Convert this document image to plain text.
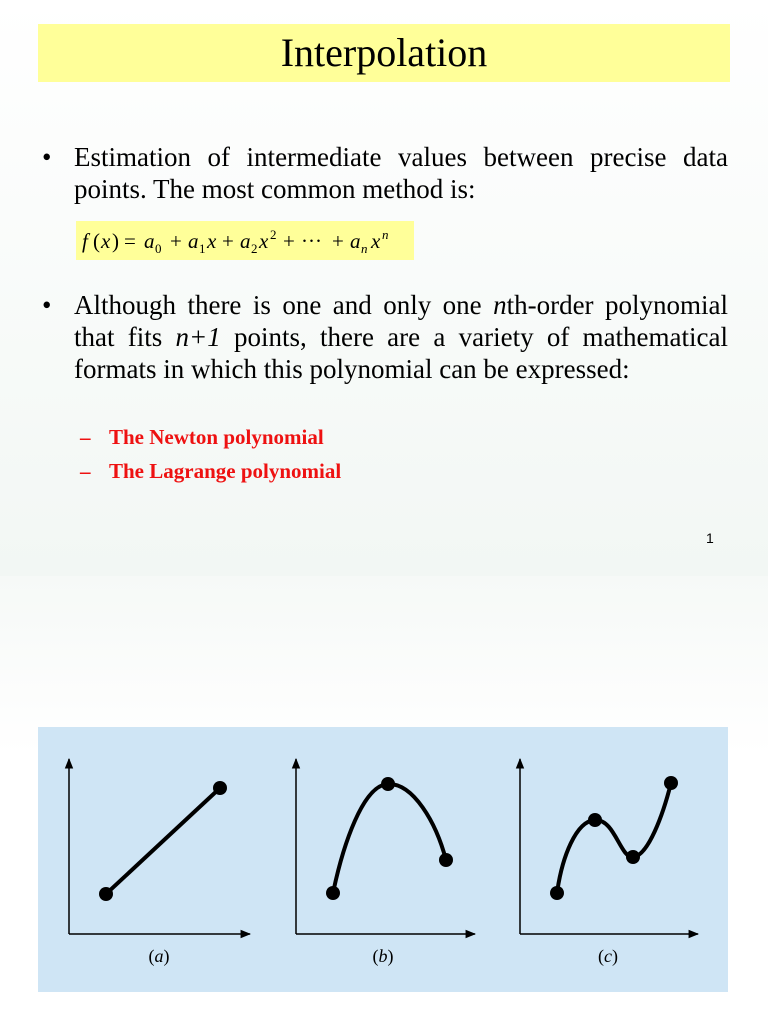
Interpolation
• Estimation of intermediate values between precise data points. The most common method is:
f (x) = a0 + a1 x + a2 x 2 + ··· + an x n
• Although there is one and only one nth-order polynomial that fits n+1 points, there are a variety of mathematical formats in which this polynomial can be expressed:
– The Newton polynomial
– The Lagrange polynomial
1
(a)	(b)	(c)
